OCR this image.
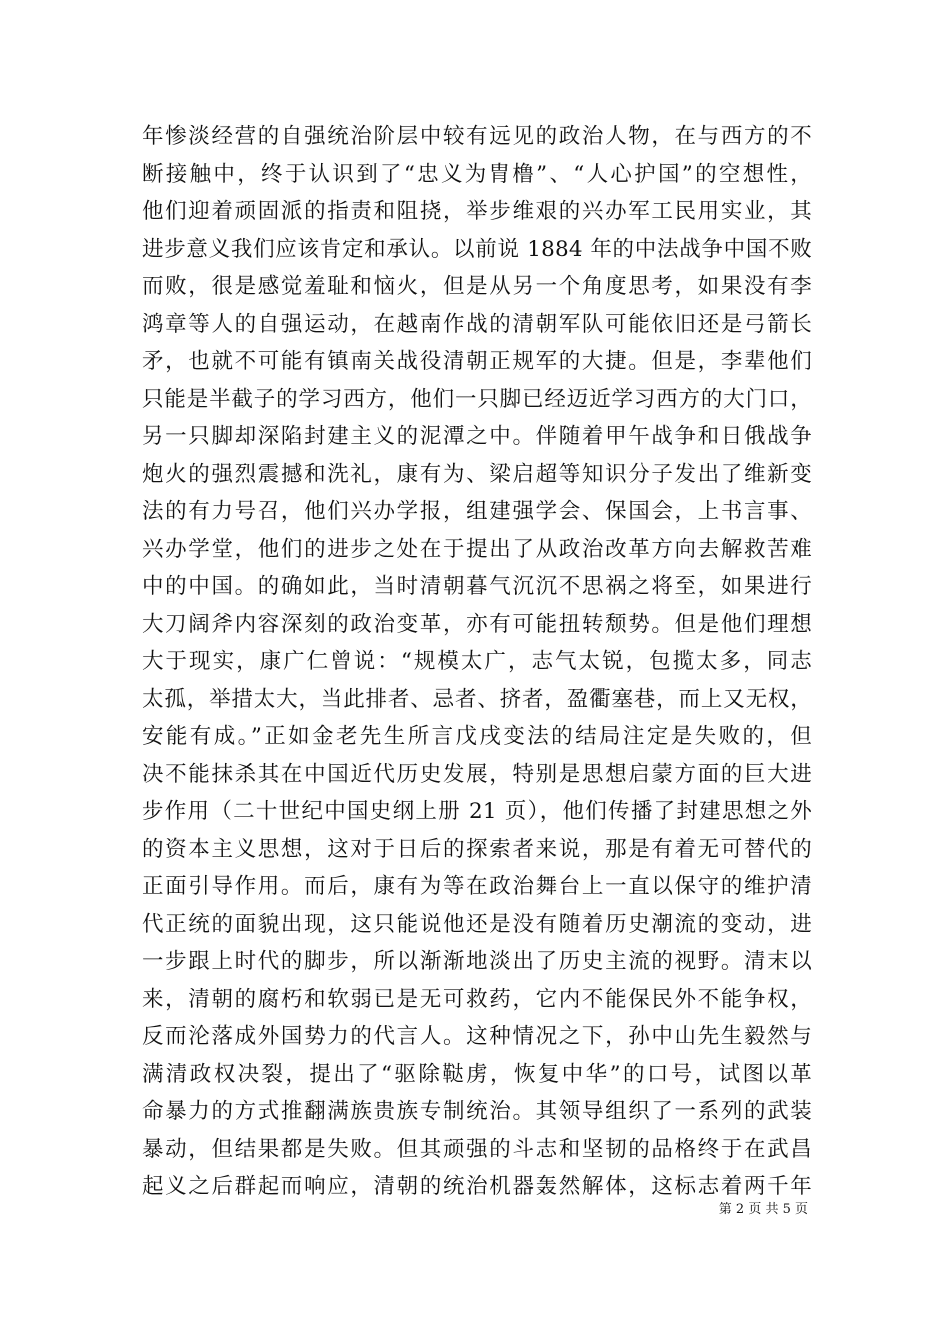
年惨淡经营的自强统治阶层中较有远见的政治人物，在与西方的不
断接触中，终于认识到了“忠义为胄橹”、“人心护国”的空想性，
他们迎着顽固派的指责和阻挠，举步维艰的兴办军工民用实业，其
进步意义我们应该肯定和承认。以前说 1884 年的中法战争中国不败
而败，很是感觉羞耻和恼火，但是从另一个角度思考，如果没有李
鸿章等人的自强运动，在越南作战的清朝军队可能依旧还是弓箭长
矛，也就不可能有镇南关战役清朝正规军的大捷。但是，李辈他们
只能是半截子的学习西方，他们一只脚已经迈近学习西方的大门口，
另一只脚却深陷封建主义的泥潭之中。伴随着甲午战争和日俄战争
炮火的强烈震撼和洗礼，康有为、梁启超等知识分子发出了维新变
法的有力号召，他们兴办学报，组建强学会、保国会，上书言事、
兴办学堂，他们的进步之处在于提出了从政治改革方向去解救苦难
中的中国。的确如此，当时清朝暮气沉沉不思祸之将至，如果进行
大刀阔斧内容深刻的政治变革，亦有可能扭转颓势。但是他们理想
大于现实，康广仁曾说：“规模太广，志气太锐，包揽太多，同志
太孤，举措太大，当此排者、忌者、挤者，盈衢塞巷，而上又无权，
安能有成。”正如金老先生所言戊戌变法的结局注定是失败的，但
决不能抹杀其在中国近代历史发展，特别是思想启蒙方面的巨大进
步作用（二十世纪中国史纲上册 21 页），他们传播了封建思想之外
的资本主义思想，这对于日后的探索者来说，那是有着无可替代的
正面引导作用。而后，康有为等在政治舞台上一直以保守的维护清
代正统的面貌出现，这只能说他还是没有随着历史潮流的变动，进
一步跟上时代的脚步，所以渐渐地淡出了历史主流的视野。清末以
来，清朝的腐朽和软弱已是无可救药，它内不能保民外不能争权，
反而沦落成外国势力的代言人。这种情况之下，孙中山先生毅然与
满清政权决裂，提出了“驱除鞑虏，恢复中华”的口号，试图以革
命暴力的方式推翻满族贵族专制统治。其领导组织了一系列的武装
暴动，但结果都是失败。但其顽强的斗志和坚韧的品格终于在武昌
起义之后群起而响应，清朝的统治机器轰然解体，这标志着两千年
第 2 页 共 5 页
